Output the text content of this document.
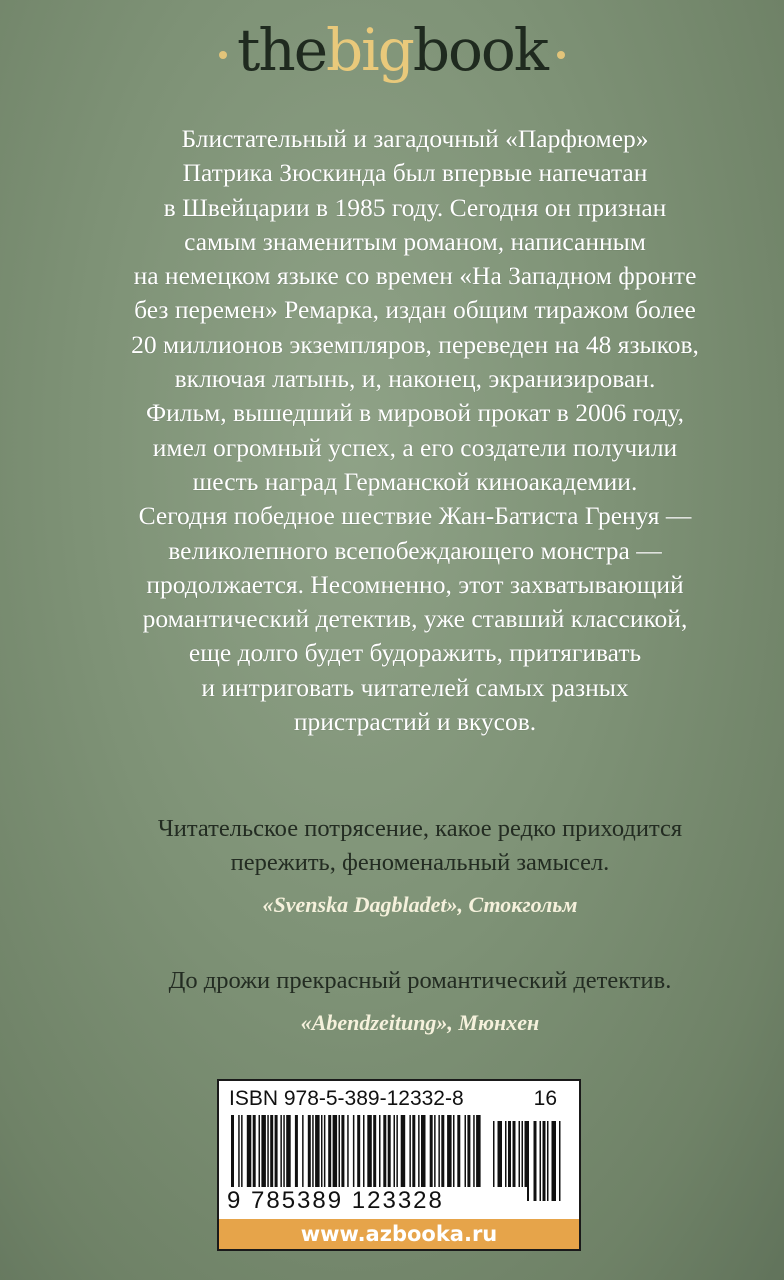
thebigbook

Блистательный и загадочный «Парфюмер»

Патрика Зюскинда был впервые напечатан

в Швейцарии в 1985 году. Сегодня он признан

самым знаменитым романом, написанным

на немецком языке со времен «На Западном фронте

без перемен» Ремарка, издан общим тиражом более

20 миллионов экземпляров, переведен на 48 языков,

включая латынь, и, наконец, экранизирован.

Фильм, вышедший в мировой прокат в 2006 году,

имел огромный успех, а его создатели получили

шесть наград Германской киноакадемии.

Сегодня победное шествие Жан-Батиста Гренуя —

великолепного всепобеждающего монстра —

продолжается. Несомненно, этот захватывающий

романтический детектив, уже ставший классикой,

еще долго будет будоражить, притягивать

и интриговать читателей самых разных

пристрастий и вкусов.

Читательское потрясение, какое редко приходится
пережить, феноменальный замысел.
«Svenska Dagbladet», Стокгольм
До дрожи прекрасный романтический детектив.
«Abendzeitung», Мюнхен
ISBN 978-5-389-12332-8	16
9 785389 123328
www.azbooka.ru
